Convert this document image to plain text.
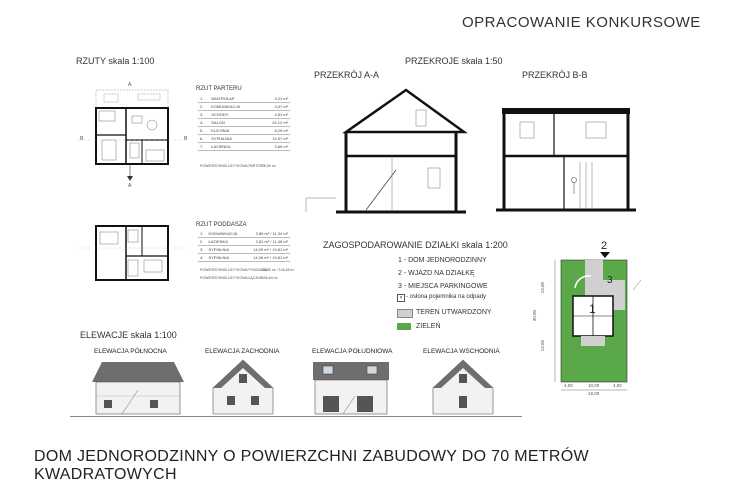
OPRACOWANIE KONKURSOWE
RZUTY skala 1:100
A
A
B	B
RZUT PARTERU
1.	WIATROŁAP	3,21 m²
2.	KOMUNIKACJA	3,37 m²
3.	SCHODY	4,51 m²
4.	SALON	24,12 m²
5.	KUCHNIA	8,29 m²
6.	SYPIALNIA	13,37 m²
7.	ŁAZIENKA	3,60 m²
POWIERZCHNIA UŻYTKOWA PARTERU
72,59 m²
RZUT PODDASZA
1.	KOMUNIKACJA	2,89 m² / 11,34 m²
2.	ŁAZIENKA	2,81 m² / 11,48 m²
3.	SYPIALNIA	14,09 m² / 19,81 m²
4.	SYPIALNIA	14,26 m² / 19,81 m²
POWIERZCHNIA UŻYTKOWA PODDASZA
34,05 m² / 106,48 m²
POWIERZCHNIA UŻYTKOWA ŁĄCZNIE
106,64 m²
PRZEKROJE skala 1:50
PRZEKRÓJ A-A	PRZEKRÓJ B-B
ZAGOSPODAROWANIE DZIAŁKI skala 1:200
1 - DOM JEDNORODZINNY
2 - WJAZD NA DZIAŁKĘ
3 - MIEJSCA PARKINGOWE
× - osłona pojemnika na odpady
TEREN UTWARDZONY
ZIELEŃ
2
3
1
4,00	10,00	4,00
18,00
13,00
30,00
13,00
ELEWACJE skala 1:100
ELEWACJA PÓŁNOCNA	ELEWACJA ZACHODNIA	ELEWACJA POŁUDNIOWA	ELEWACJA WSCHODNIA
DOM JEDNORODZINNY O POWIERZCHNI ZABUDOWY DO 70 METRÓW KWADRATOWYCH
